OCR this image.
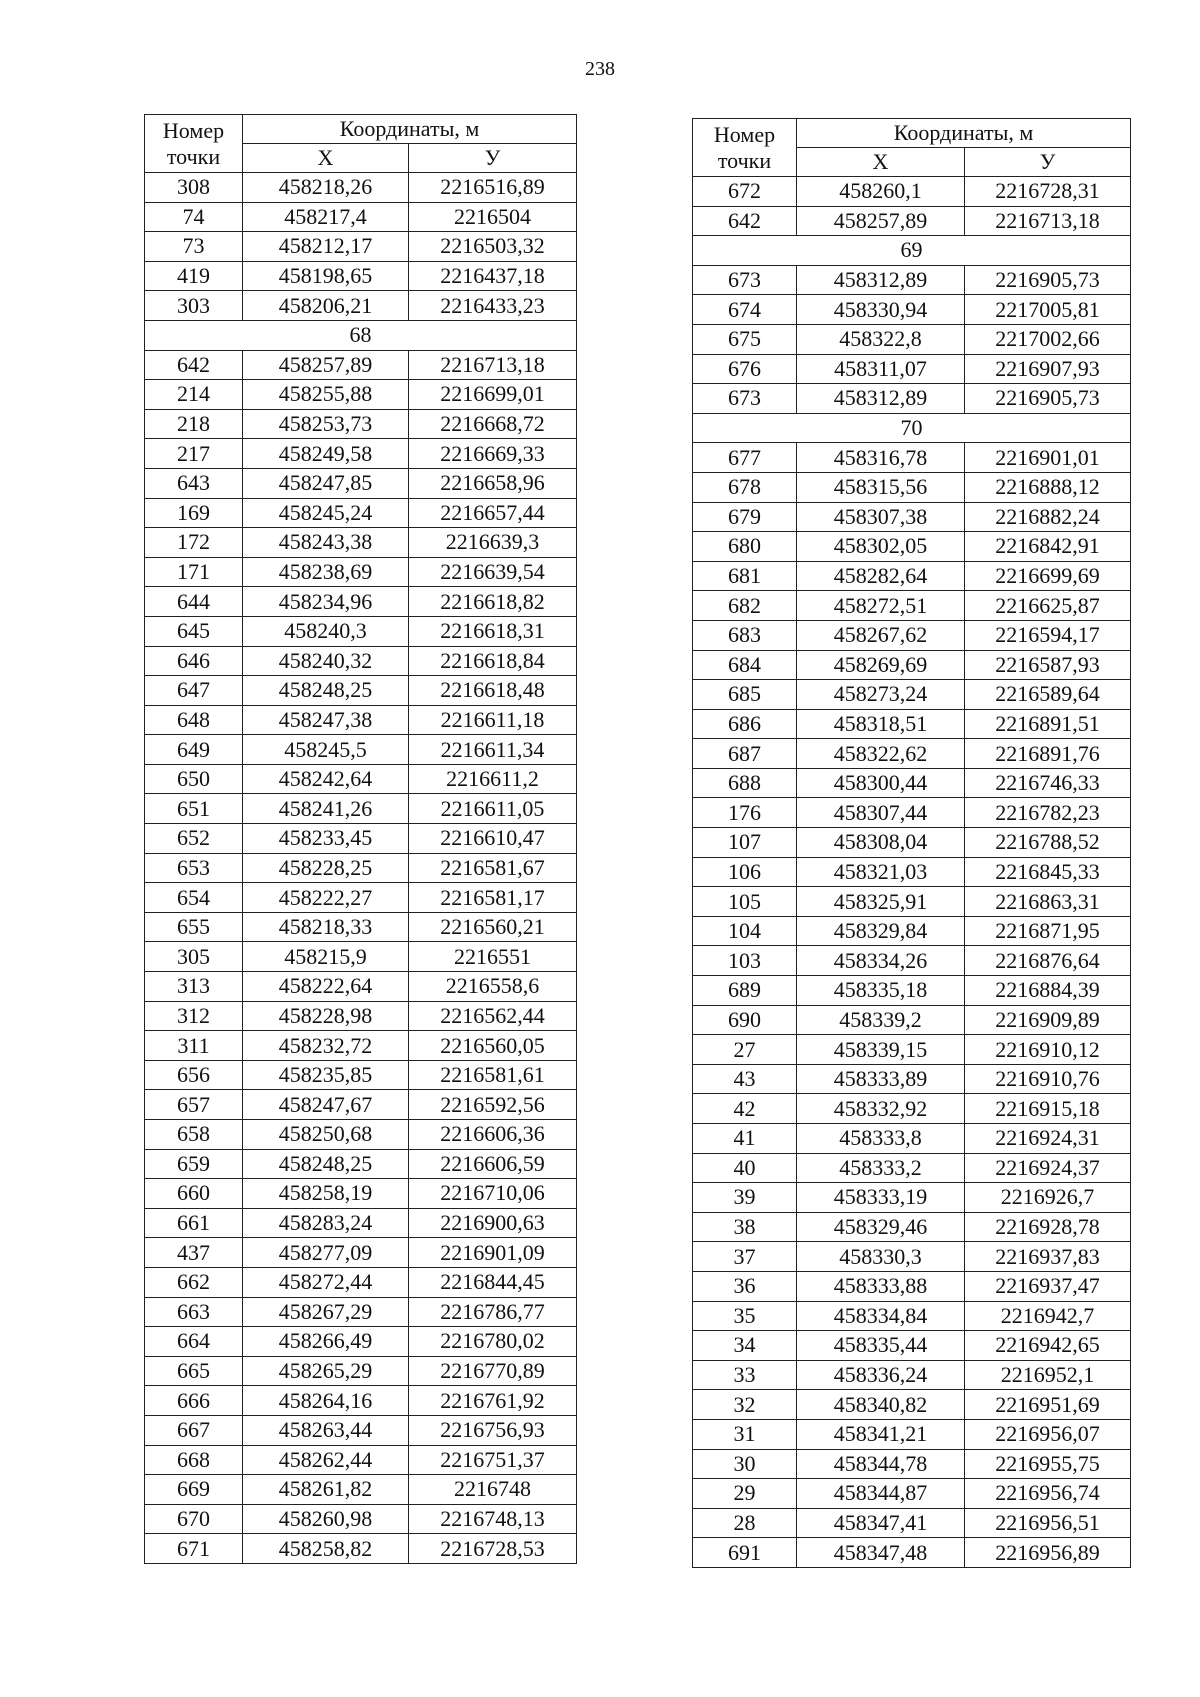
238
Номер точки	Координаты, м	
	Х	У
308	458218,26	2216516,89
74	458217,4	2216504
73	458212,17	2216503,32
419	458198,65	2216437,18
303	458206,21	2216433,23
68		
642	458257,89	2216713,18
214	458255,88	2216699,01
218	458253,73	2216668,72
217	458249,58	2216669,33
643	458247,85	2216658,96
169	458245,24	2216657,44
172	458243,38	2216639,3
171	458238,69	2216639,54
644	458234,96	2216618,82
645	458240,3	2216618,31
646	458240,32	2216618,84
647	458248,25	2216618,48
648	458247,38	2216611,18
649	458245,5	2216611,34
650	458242,64	2216611,2
651	458241,26	2216611,05
652	458233,45	2216610,47
653	458228,25	2216581,67
654	458222,27	2216581,17
655	458218,33	2216560,21
305	458215,9	2216551
313	458222,64	2216558,6
312	458228,98	2216562,44
311	458232,72	2216560,05
656	458235,85	2216581,61
657	458247,67	2216592,56
658	458250,68	2216606,36
659	458248,25	2216606,59
660	458258,19	2216710,06
661	458283,24	2216900,63
437	458277,09	2216901,09
662	458272,44	2216844,45
663	458267,29	2216786,77
664	458266,49	2216780,02
665	458265,29	2216770,89
666	458264,16	2216761,92
667	458263,44	2216756,93
668	458262,44	2216751,37
669	458261,82	2216748
670	458260,98	2216748,13
671	458258,82	2216728,53
Номер точки	Координаты, м	
	Х	У
672	458260,1	2216728,31
642	458257,89	2216713,18
69		
673	458312,89	2216905,73
674	458330,94	2217005,81
675	458322,8	2217002,66
676	458311,07	2216907,93
673	458312,89	2216905,73
70		
677	458316,78	2216901,01
678	458315,56	2216888,12
679	458307,38	2216882,24
680	458302,05	2216842,91
681	458282,64	2216699,69
682	458272,51	2216625,87
683	458267,62	2216594,17
684	458269,69	2216587,93
685	458273,24	2216589,64
686	458318,51	2216891,51
687	458322,62	2216891,76
688	458300,44	2216746,33
176	458307,44	2216782,23
107	458308,04	2216788,52
106	458321,03	2216845,33
105	458325,91	2216863,31
104	458329,84	2216871,95
103	458334,26	2216876,64
689	458335,18	2216884,39
690	458339,2	2216909,89
27	458339,15	2216910,12
43	458333,89	2216910,76
42	458332,92	2216915,18
41	458333,8	2216924,31
40	458333,2	2216924,37
39	458333,19	2216926,7
38	458329,46	2216928,78
37	458330,3	2216937,83
36	458333,88	2216937,47
35	458334,84	2216942,7
34	458335,44	2216942,65
33	458336,24	2216952,1
32	458340,82	2216951,69
31	458341,21	2216956,07
30	458344,78	2216955,75
29	458344,87	2216956,74
28	458347,41	2216956,51
691	458347,48	2216956,89
